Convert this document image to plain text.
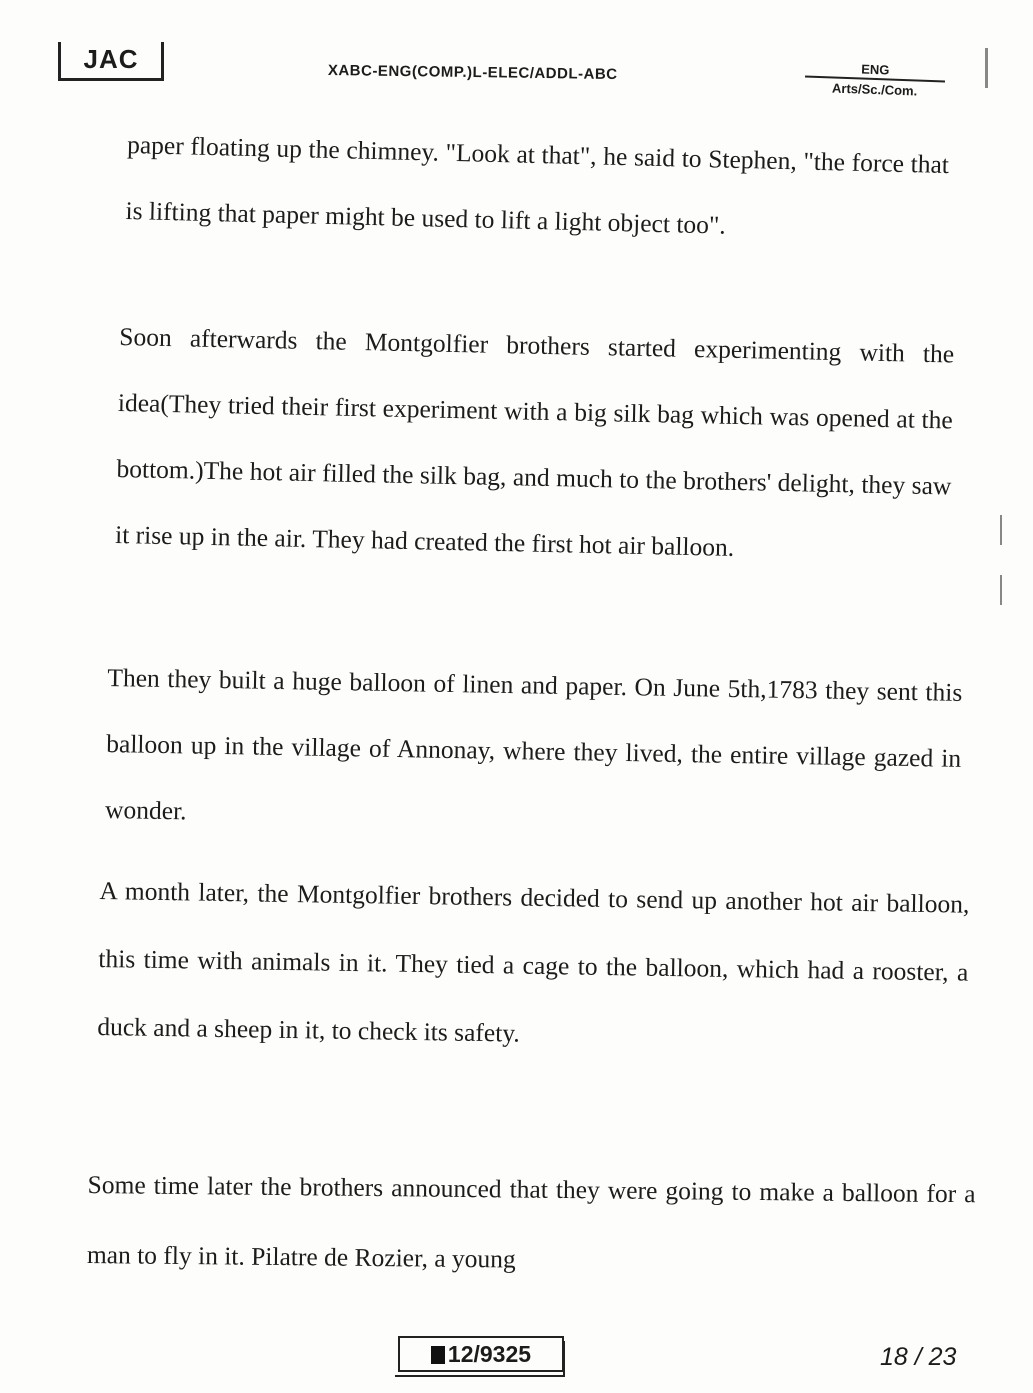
JAC	XABC-ENG(COMP.)L-ELEC/ADDL-ABC	ENG
Arts/Sc./Com.

paper floating up the chimney. "Look at that", he said to Stephen, "the force that is lifting that paper might be used to lift a light object too".

Soon afterwards the Montgolfier brothers started experimenting with the idea(They tried their first experiment with a big silk bag which was opened at the bottom.)The hot air filled the silk bag, and much to the brothers' delight, they saw it rise up in the air. They had created the first hot air balloon.

Then they built a huge balloon of linen and paper. On June 5th,1783 they sent this balloon up in the village of Annonay, where they lived, the entire village gazed in wonder.

A month later, the Montgolfier brothers decided to send up another hot air balloon, this time with animals in it. They tied a cage to the balloon, which had a rooster, a duck and a sheep in it, to check its safety.

Some time later the brothers announced that they were going to make a balloon for a man to fly in it. Pilatre de Rozier, a young

12/9325	18 / 23
